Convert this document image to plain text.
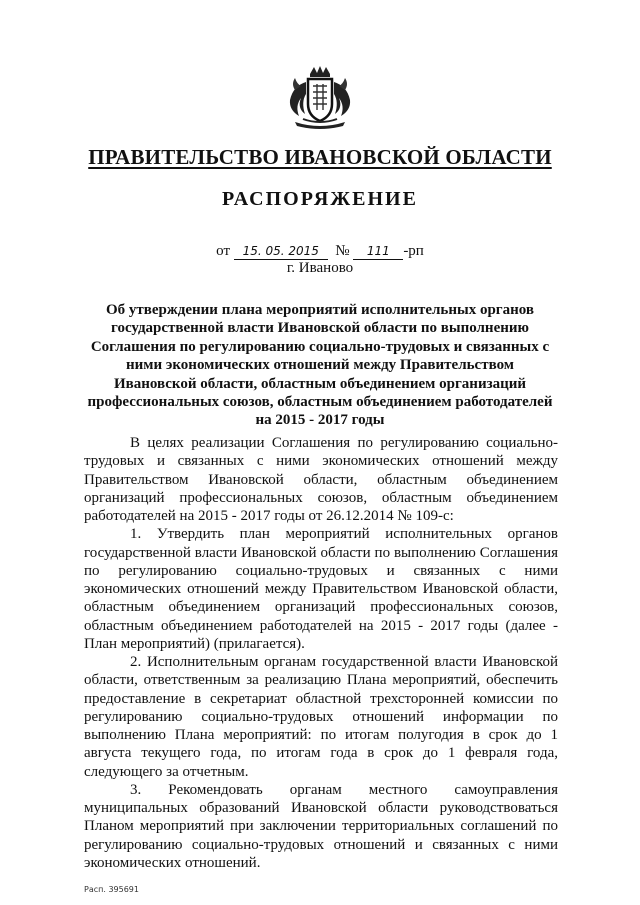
ПРАВИТЕЛЬСТВО ИВАНОВСКОЙ ОБЛАСТИ
РАСПОРЯЖЕНИЕ
от 15. 05. 2015 № 111 -рп
г. Иваново
Об утверждении плана мероприятий исполнительных органов государственной власти Ивановской области по выполнению Соглашения по регулированию социально-трудовых и связанных с ними экономических отношений между Правительством Ивановской области, областным объединением организаций профессиональных союзов, областным объединением работодателей на 2015 - 2017 годы

В целях реализации Соглашения по регулированию социально-трудовых и связанных с ними экономических отношений между Правительством Ивановской области, областным объединением организаций профессиональных союзов, областным объединением работодателей на 2015 - 2017 годы от 26.12.2014 № 109-с:

1. Утвердить план мероприятий исполнительных органов государственной власти Ивановской области по выполнению Соглашения по регулированию социально-трудовых и связанных с ними экономических отношений между Правительством Ивановской области, областным объединением организаций профессиональных союзов, областным объединением работодателей на 2015 - 2017 годы (далее - План мероприятий) (прилагается).

2. Исполнительным органам государственной власти Ивановской области, ответственным за реализацию Плана мероприятий, обеспечить предоставление в секретариат областной трехсторонней комиссии по регулированию социально-трудовых отношений информации по выполнению Плана мероприятий: по итогам полугодия в срок до 1 августа текущего года, по итогам года в срок до 1 февраля года, следующего за отчетным.

3. Рекомендовать органам местного самоуправления муниципальных образований Ивановской области руководствоваться Планом мероприятий при заключении территориальных соглашений по регулированию социально-трудовых отношений и связанных с ними экономических отношений.

Расп. 395691
